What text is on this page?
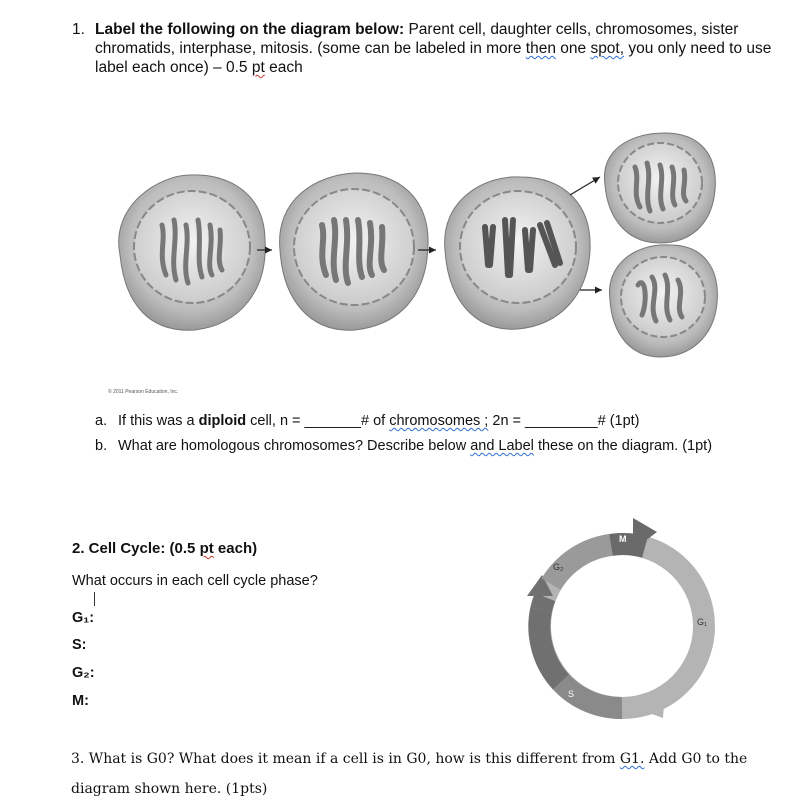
1. Label the following on the diagram below: Parent cell, daughter cells, chromosomes, sister chromatids, interphase, mitosis. (some can be labeled in more then one spot, you only need to use label each once) – 0.5 pt each
© 2011 Pearson Education, Inc.
a. If this was a diploid cell, n = _______# of chromosomes ; 2n = _________# (1pt)
b. What are homologous chromosomes? Describe below and Label these on the diagram. (1pt)
2. Cell Cycle: (0.5 pt each)
What occurs in each cell cycle phase?
G₁:
S:
G₂:
M:
M
G₂
G₁
S
3. What is G0? What does it mean if a cell is in G0, how is this different from G1. Add G0 to the diagram shown here. (1pts)
